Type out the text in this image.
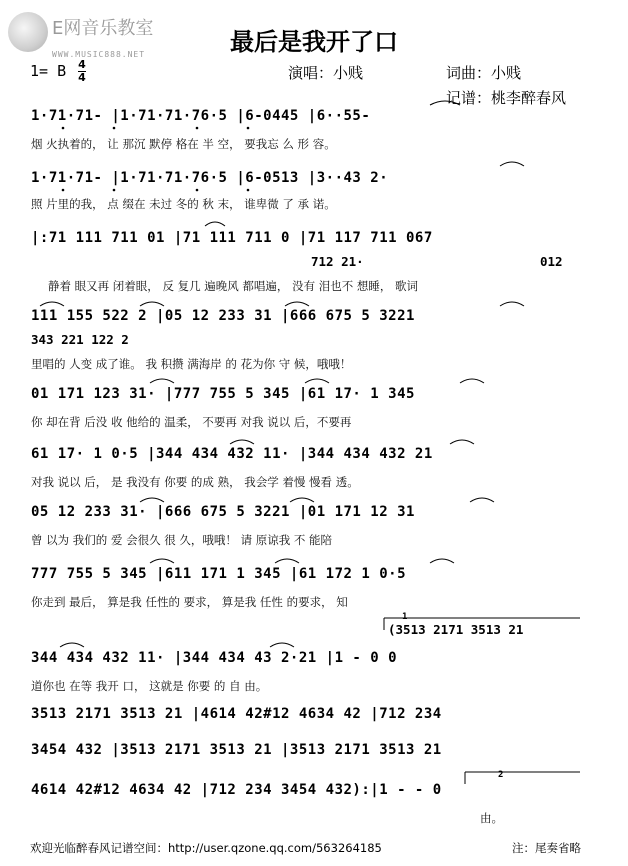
E网音乐教室
WWW.MUSIC888.NET	最后是我开了口
1= B 4
4	演唱：小贱	词曲：小贱
记谱：桃李醉春风
1·71·71- |1·71·71·76·5 |6-0445 |6··55-
烟 火执着的， 让 那沉 默停 格在 半 空， 要我忘 么 形 容。
1·71·71- |1·71·71·76·5 |6-0513 |3··43 2·
照 片里的我， 点 缀在 未过 冬的 秋 末， 谁卑微 了 承 诺。
|:71 111 711 01 |71 111 711 0 |71 117 711 067
712 21·	012
静着 眼又再 闭着眼， 反 复几 遍晚风 都唱遍， 没有 泪也不 想睡， 歌词
111 155 522 2 |05 12 233 31 |666 675 5 3221
343 221 122 2
里唱的 人变 成了谁。 我 积攒 满海岸 的 花为你 守 候，哦哦！
01 171 123 31· |777 755 5 345 |61 17· 1 345
你 却在背 后没 收 他给的 温柔， 不要再 对我 说以 后，不要再
61 17· 1 0·5 |344 434 432 11· |344 434 432 21
对我 说以 后， 是 我没有 你要 的成 熟， 我会学 着慢 慢看 透。
05 12 233 31· |666 675 5 3221 |01 171 12 31
曾 以为 我们的 爱 会很久 很 久，哦哦！ 请 原谅我 不 能陪
777 755 5 345 |611 171 1 345 |61 172 1 0·5
你走到 最后， 算是我 任性的 要求， 算是我 任性 的要求， 知
(3513 2171 3513 21
1
344 434 432 11· |344 434 43 2·21 |1 - 0 0
道你也 在等 我开 口， 这就是 你要 的 自 由。
3513 2171 3513 21 |4614 42#12 4634 42 |712 234
3454 432 |3513 2171 3513 21 |3513 2171 3513 21
2
4614 42#12 4634 42 |712 234 3454 432):|1 - - 0
由。
欢迎光临醉春风记谱空间：http://user.qzone.qq.com/563264185	注：尾奏省略
